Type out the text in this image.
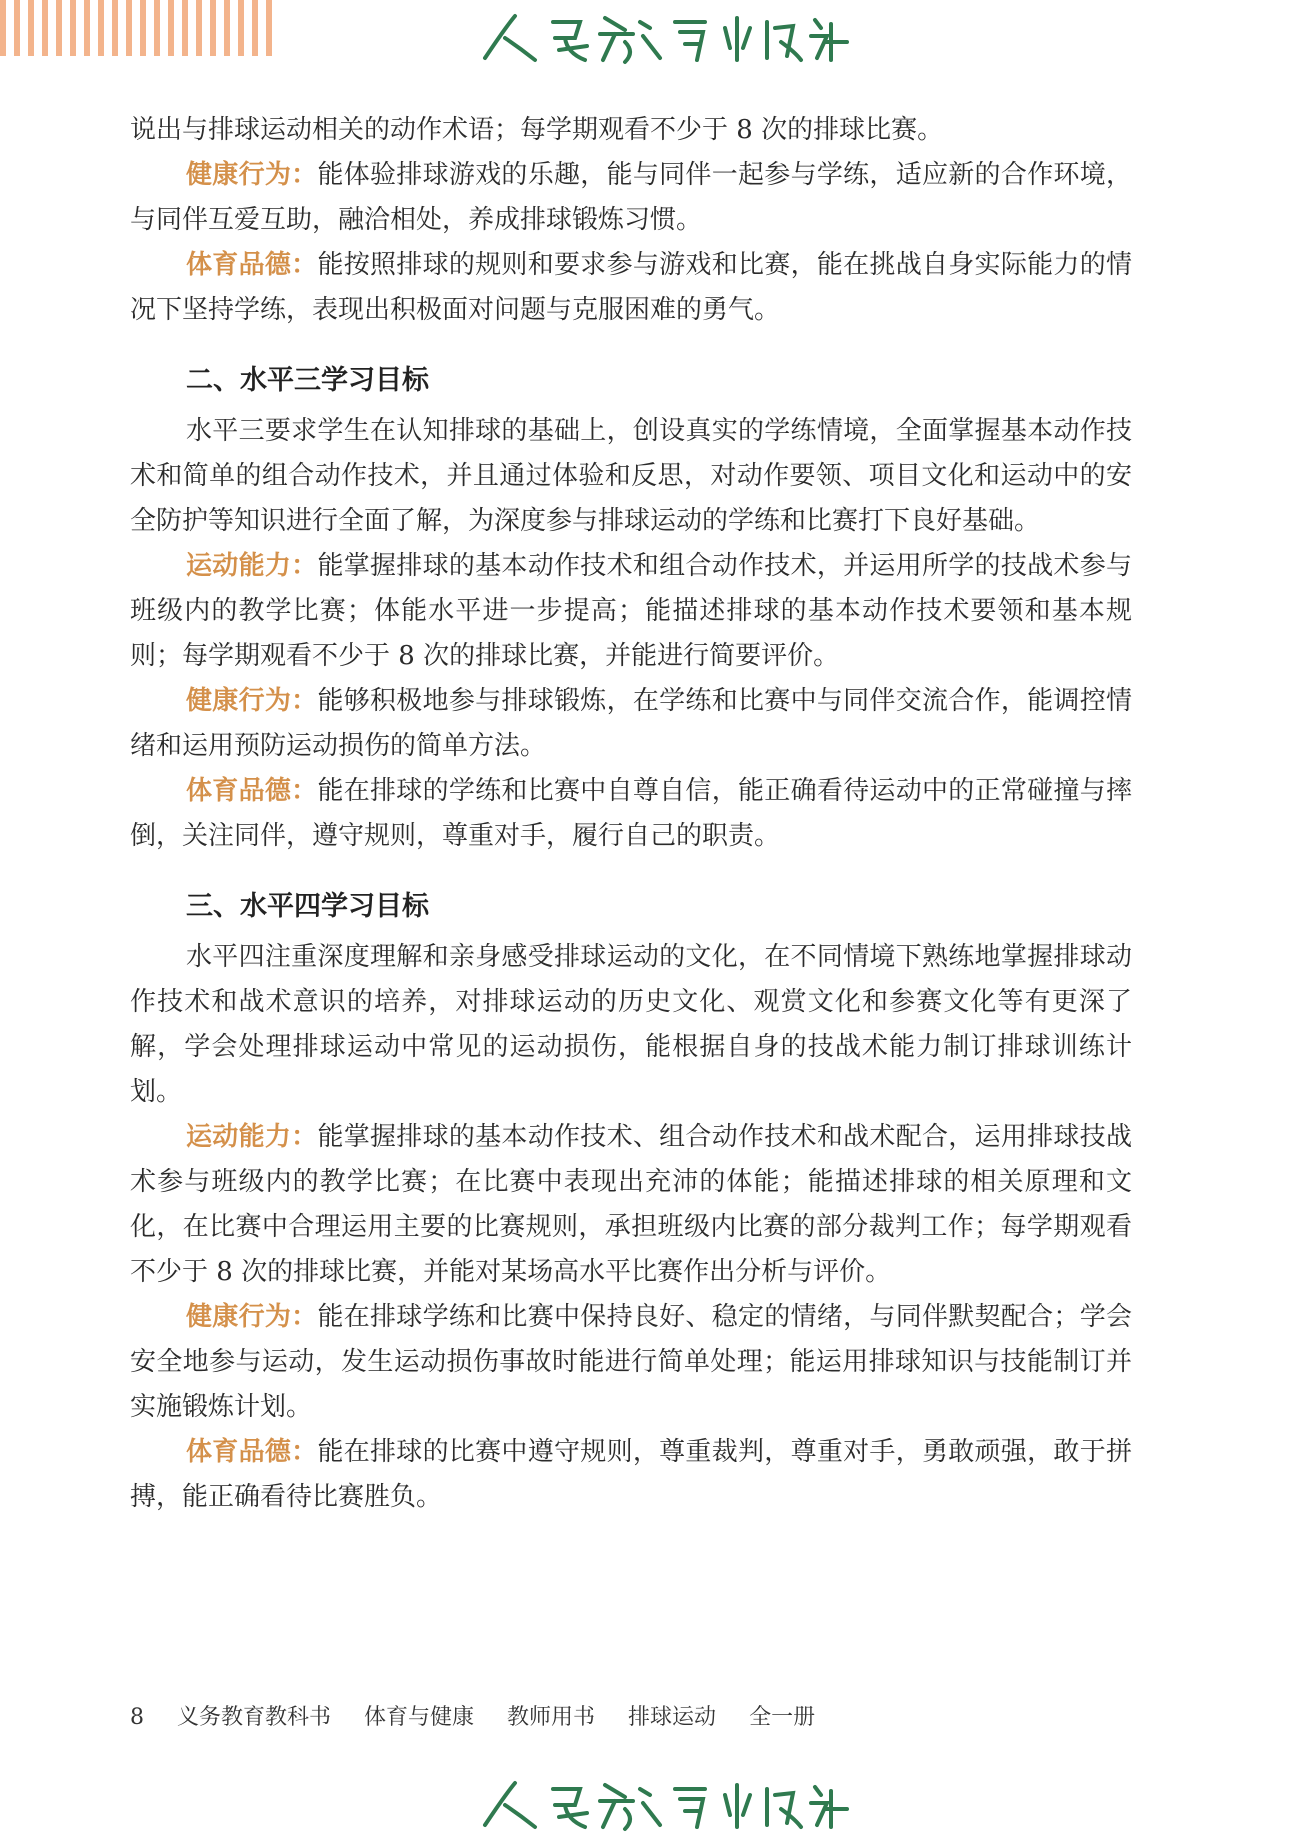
人民教育出版社

说出与排球运动相关的动作术语；每学期观看不少于 8 次的排球比赛。

健康行为：能体验排球游戏的乐趣，能与同伴一起参与学练，适应新的合作环境，与同伴互爱互助，融洽相处，养成排球锻炼习惯。

体育品德：能按照排球的规则和要求参与游戏和比赛，能在挑战自身实际能力的情况下坚持学练，表现出积极面对问题与克服困难的勇气。

二、水平三学习目标

水平三要求学生在认知排球的基础上，创设真实的学练情境，全面掌握基本动作技术和简单的组合动作技术，并且通过体验和反思，对动作要领、项目文化和运动中的安全防护等知识进行全面了解，为深度参与排球运动的学练和比赛打下良好基础。

运动能力：能掌握排球的基本动作技术和组合动作技术，并运用所学的技战术参与班级内的教学比赛；体能水平进一步提高；能描述排球的基本动作技术要领和基本规则；每学期观看不少于 8 次的排球比赛，并能进行简要评价。

健康行为：能够积极地参与排球锻炼，在学练和比赛中与同伴交流合作，能调控情绪和运用预防运动损伤的简单方法。

体育品德：能在排球的学练和比赛中自尊自信，能正确看待运动中的正常碰撞与摔倒，关注同伴，遵守规则，尊重对手，履行自己的职责。

三、水平四学习目标

水平四注重深度理解和亲身感受排球运动的文化，在不同情境下熟练地掌握排球动作技术和战术意识的培养，对排球运动的历史文化、观赏文化和参赛文化等有更深了解，学会处理排球运动中常见的运动损伤，能根据自身的技战术能力制订排球训练计划。

运动能力：能掌握排球的基本动作技术、组合动作技术和战术配合，运用排球技战术参与班级内的教学比赛；在比赛中表现出充沛的体能；能描述排球的相关原理和文化，在比赛中合理运用主要的比赛规则，承担班级内比赛的部分裁判工作；每学期观看不少于 8 次的排球比赛，并能对某场高水平比赛作出分析与评价。

健康行为：能在排球学练和比赛中保持良好、稳定的情绪，与同伴默契配合；学会安全地参与运动，发生运动损伤事故时能进行简单处理；能运用排球知识与技能制订并实施锻炼计划。

体育品德：能在排球的比赛中遵守规则，尊重裁判，尊重对手，勇敢顽强，敢于拼搏，能正确看待比赛胜负。

8 义务教育教科书 体育与健康 教师用书 排球运动 全一册
人民教育出版社
